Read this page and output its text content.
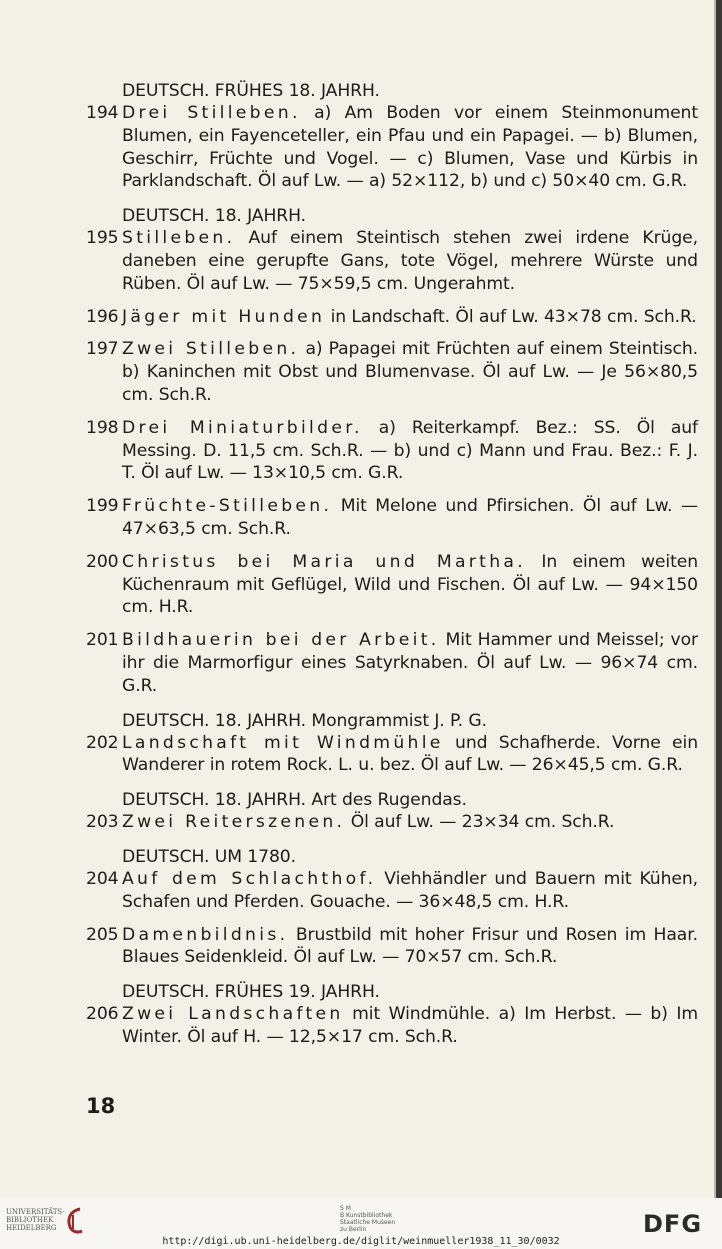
DEUTSCH. FRÜHES 18. JAHRH.
194 Drei Stilleben. a) Am Boden vor einem Steinmonument Blumen, ein Fayenceteller, ein Pfau und ein Papagei. — b) Blumen, Geschirr, Früchte und Vogel. — c) Blumen, Vase und Kürbis in Parklandschaft. Öl auf Lw. — a) 52×112, b) und c) 50×40 cm. G.R.
DEUTSCH. 18. JAHRH.
195 Stilleben. Auf einem Steintisch stehen zwei irdene Krüge, daneben eine gerupfte Gans, tote Vögel, mehrere Würste und Rüben. Öl auf Lw. — 75×59,5 cm. Ungerahmt.
196 Jäger mit Hunden in Landschaft. Öl auf Lw. 43×78 cm. Sch.R.
197 Zwei Stilleben. a) Papagei mit Früchten auf einem Steintisch. b) Kaninchen mit Obst und Blumenvase. Öl auf Lw. — Je 56×80,5 cm. Sch.R.
198 Drei Miniaturbilder. a) Reiterkampf. Bez.: SS. Öl auf Messing. D. 11,5 cm. Sch.R. — b) und c) Mann und Frau. Bez.: F. J. T. Öl auf Lw. — 13×10,5 cm. G.R.
199 Früchte-Stilleben. Mit Melone und Pfirsichen. Öl auf Lw. — 47×63,5 cm. Sch.R.
200 Christus bei Maria und Martha. In einem weiten Küchenraum mit Geflügel, Wild und Fischen. Öl auf Lw. — 94×150 cm. H.R.
201 Bildhauerin bei der Arbeit. Mit Hammer und Meissel; vor ihr die Marmorfigur eines Satyrknaben. Öl auf Lw. — 96×74 cm. G.R.
DEUTSCH. 18. JAHRH. Mongrammist J. P. G.
202 Landschaft mit Windmühle und Schafherde. Vorne ein Wanderer in rotem Rock. L. u. bez. Öl auf Lw. — 26×45,5 cm. G.R.
DEUTSCH. 18. JAHRH. Art des Rugendas.
203 Zwei Reiterszenen. Öl auf Lw. — 23×34 cm. Sch.R.
DEUTSCH. UM 1780.
204 Auf dem Schlachthof. Viehhändler und Bauern mit Kühen, Schafen und Pferden. Gouache. — 36×48,5 cm. H.R.
205 Damenbildnis. Brustbild mit hoher Frisur und Rosen im Haar. Blaues Seidenkleid. Öl auf Lw. — 70×57 cm. Sch.R.
DEUTSCH. FRÜHES 19. JAHRH.
206 Zwei Landschaften mit Windmühle. a) Im Herbst. — b) Im Winter. Öl auf H. — 12,5×17 cm. Sch.R.
18
UNIVERSITÄTS-
BIBLIOTHEK
HEIDELBERG
S M
B Kunstbibliothek
Staatliche Museen
zu Berlin	DFG
http://digi.ub.uni-heidelberg.de/diglit/weinmueller1938_11_30/0032
